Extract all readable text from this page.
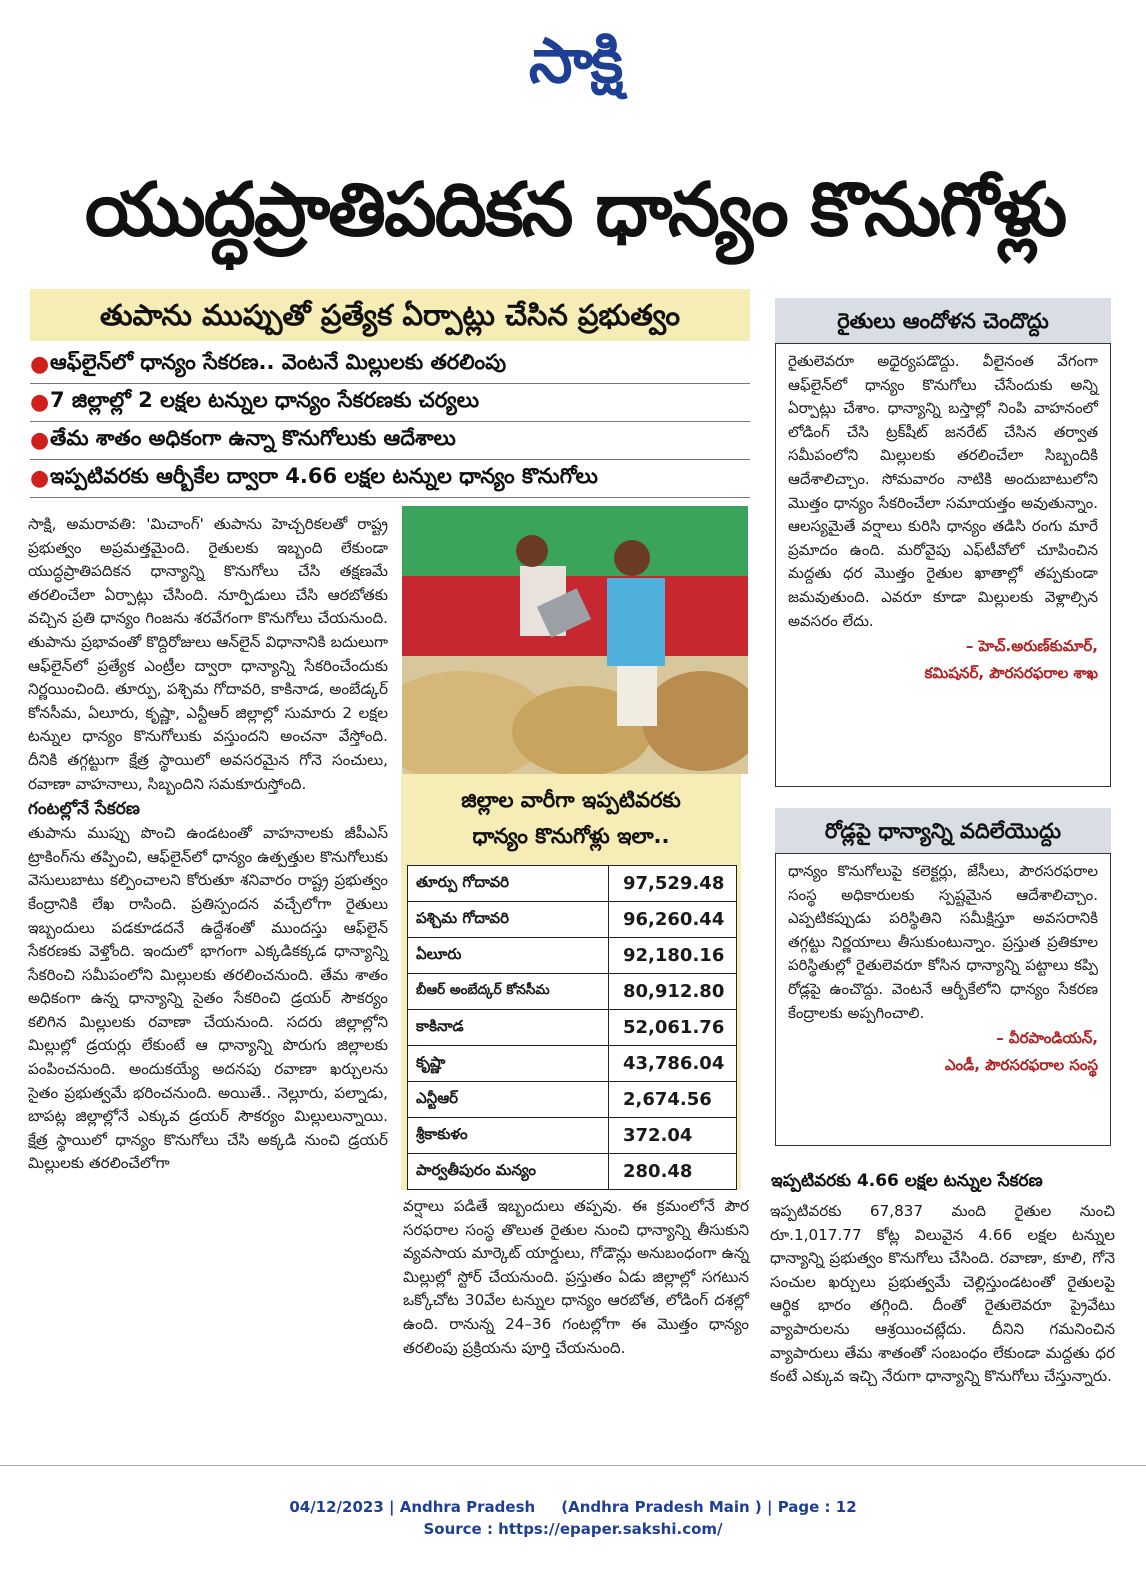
సాక్షి
యుద్ధప్రాతిపదికన ధాన్యం కొనుగోళ్లు
తుపాను ముప్పుతో ప్రత్యేక ఏర్పాట్లు చేసిన ప్రభుత్వం
● ఆఫ్‌లైన్‌లో ధాన్యం సేకరణ.. వెంటనే మిల్లులకు తరలింపు
● 7 జిల్లాల్లో 2 లక్షల టన్నుల ధాన్యం సేకరణకు చర్యలు
● తేమ శాతం అధికంగా ఉన్నా కొనుగోలుకు ఆదేశాలు
● ఇప్పటివరకు ఆర్బీకేల ద్వారా 4.66 లక్షల టన్నుల ధాన్యం కొనుగోలు

సాక్షి, అమరావతి: 'మిచాంగ్' తుపాను హెచ్చరికలతో రాష్ట్ర ప్రభుత్వం అప్రమత్తమైంది. రైతులకు ఇబ్బంది లేకుండా యుద్ధప్రాతిపదికన ధాన్యాన్ని కొనుగోలు చేసి తక్షణమే తరలించేలా ఏర్పాట్లు చేసింది. నూర్పిడులు చేసి ఆరబోతకు వచ్చిన ప్రతి ధాన్యం గింజను శరవేగంగా కొనుగోలు చేయనుంది. తుపాను ప్రభావంతో కొద్దిరోజులు ఆన్‌లైన్ విధానానికి బదులుగా ఆఫ్‌లైన్‌లో ప్రత్యేక ఎంట్రీల ద్వారా ధాన్యాన్ని సేకరించేందుకు నిర్ణయించింది. తూర్పు, పశ్చిమ గోదావరి, కాకినాడ, అంబేడ్కర్ కోనసీమ, ఏలూరు, కృష్ణా, ఎన్టీఆర్ జిల్లాల్లో సుమారు 2 లక్షల టన్నుల ధాన్యం కొనుగోలుకు వస్తుందని అంచనా వేస్తోంది. దీనికి తగ్గట్టుగా క్షేత్ర స్థాయిలో అవసరమైన గోనె సంచులు, రవాణా వాహనాలు, సిబ్బందిని సమకూరుస్తోంది.

గంటల్లోనే సేకరణ

తుపాను ముప్పు పొంచి ఉండటంతో వాహనాలకు జీపీఎస్ ట్రాకింగ్‌ను తప్పించి, ఆఫ్‌లైన్‌లో ధాన్యం ఉత్పత్తుల కొనుగోలుకు వెసులుబాటు కల్పించాలని కోరుతూ శనివారం రాష్ట్ర ప్రభుత్వం కేంద్రానికి లేఖ రాసింది. ప్రతిస్పందన వచ్చేలోగా రైతులు ఇబ్బందులు పడకూడదనే ఉద్దేశంతో ముందస్తు ఆఫ్‌లైన్ సేకరణకు వెళ్తోంది. ఇందులో భాగంగా ఎక్కడికక్కడ ధాన్యాన్ని సేకరించి సమీపంలోని మిల్లులకు తరలించనుంది. తేమ శాతం అధికంగా ఉన్న ధాన్యాన్ని సైతం సేకరించి డ్రయర్ సౌకర్యం కలిగిన మిల్లులకు రవాణా చేయనుంది. సదరు జిల్లాల్లోని మిల్లుల్లో డ్రయర్లు లేకుంటే ఆ ధాన్యాన్ని పొరుగు జిల్లాలకు పంపించనుంది. అందుకయ్యే అదనపు రవాణా ఖర్చులను సైతం ప్రభుత్వమే భరించనుంది. అయితే.. నెల్లూరు, పల్నాడు, బాపట్ల జిల్లాల్లోనే ఎక్కువ డ్రయర్ సౌకర్యం మిల్లులున్నాయి. క్షేత్ర స్థాయిలో ధాన్యం కొనుగోలు చేసి అక్కడి నుంచి డ్రయర్ మిల్లులకు తరలించేలోగా

జిల్లాల వారీగా ఇప్పటివరకు
ధాన్యం కొనుగోళ్లు ఇలా..
తూర్పు గోదావరి	97,529.48
పశ్చిమ గోదావరి	96,260.44
ఏలూరు	92,180.16
బీఆర్ అంబేద్కర్ కోనసీమ	80,912.80
కాకినాడ	52,061.76
కృష్ణా	43,786.04
ఎన్టీఆర్	2,674.56
శ్రీకాకుళం	372.04
పార్వతీపురం మన్యం	280.48

వర్షాలు పడితే ఇబ్బందులు తప్పవు. ఈ క్రమంలోనే పౌర సరఫరాల సంస్థ తొలుత రైతుల నుంచి ధాన్యాన్ని తీసుకుని వ్యవసాయ మార్కెట్ యార్డులు, గోడౌన్లు అనుబంధంగా ఉన్న మిల్లుల్లో స్టోర్ చేయనుంది. ప్రస్తుతం ఏడు జిల్లాల్లో సగటున ఒక్కోచోట 30వేల టన్నుల ధాన్యం ఆరబోత, లోడింగ్ దశల్లో ఉంది. రానున్న 24–36 గంటల్లోగా ఈ మొత్తం ధాన్యం తరలింపు ప్రక్రియను పూర్తి చేయనుంది.

రైతులు ఆందోళన చెందొద్దు

రైతులెవరూ అధైర్యపడొద్దు. వీలైనంత వేగంగా ఆఫ్‌లైన్‌లో ధాన్యం కొనుగోలు చేసేందుకు అన్ని ఏర్పాట్లు చేశాం. ధాన్యాన్ని బస్తాల్లో నింపి వాహనంలో లోడింగ్ చేసి ట్రక్‌షీట్ జనరేట్ చేసిన తర్వాత సమీపంలోని మిల్లులకు తరలించేలా సిబ్బందికి ఆదేశాలిచ్చాం. సోమవారం నాటికి అందుబాటులోని మొత్తం ధాన్యం సేకరించేలా సమాయత్తం అవుతున్నాం. ఆలస్యమైతే వర్షాలు కురిసి ధాన్యం తడిసి రంగు మారే ప్రమాదం ఉంది. మరోవైపు ఎఫ్‌టీవోలో చూపించిన మద్దతు ధర మొత్తం రైతుల ఖాతాల్లో తప్పకుండా జమవుతుంది. ఎవరూ కూడా మిల్లులకు వెళ్లాల్సిన అవసరం లేదు.

– హెచ్.అరుణ్‌కుమార్,
కమిషనర్, పౌరసరఫరాల శాఖ
రోడ్లపై ధాన్యాన్ని వదిలేయొద్దు

ధాన్యం కొనుగోలుపై కలెక్టర్లు, జేసీలు, పౌరసరఫరాల సంస్థ అధికారులకు స్పష్టమైన ఆదేశాలిచ్చాం. ఎప్పటికప్పుడు పరిస్థితిని సమీక్షిస్తూ అవసరానికి తగ్గట్టు నిర్ణయాలు తీసుకుంటున్నాం. ప్రస్తుత ప్రతికూల పరిస్థితుల్లో రైతులెవరూ కోసిన ధాన్యాన్ని పట్టాలు కప్పి రోడ్లపై ఉంచొద్దు. వెంటనే ఆర్బీకేలోని ధాన్యం సేకరణ కేంద్రాలకు అప్పగించాలి.

– వీరపాండియన్,
ఎండీ, పౌరసరఫరాల సంస్థ
ఇప్పటివరకు 4.66 లక్షల టన్నుల సేకరణ

ఇప్పటివరకు 67,837 మంది రైతుల నుంచి రూ.1,017.77 కోట్ల విలువైన 4.66 లక్షల టన్నుల ధాన్యాన్ని ప్రభుత్వం కొనుగోలు చేసింది. రవాణా, కూలి, గోనె సంచుల ఖర్చులు ప్రభుత్వమే చెల్లిస్తుండటంతో రైతులపై ఆర్థిక భారం తగ్గింది. దీంతో రైతులెవరూ ప్రైవేటు వ్యాపారులను ఆశ్రయించట్లేదు. దీనిని గమనించిన వ్యాపారులు తేమ శాతంతో సంబంధం లేకుండా మద్దతు ధర కంటే ఎక్కువ ఇచ్చి నేరుగా ధాన్యాన్ని కొనుగోలు చేస్తున్నారు.

04/12/2023 | Andhra Pradesh     (Andhra Pradesh Main ) | Page : 12
Source : https://epaper.sakshi.com/
